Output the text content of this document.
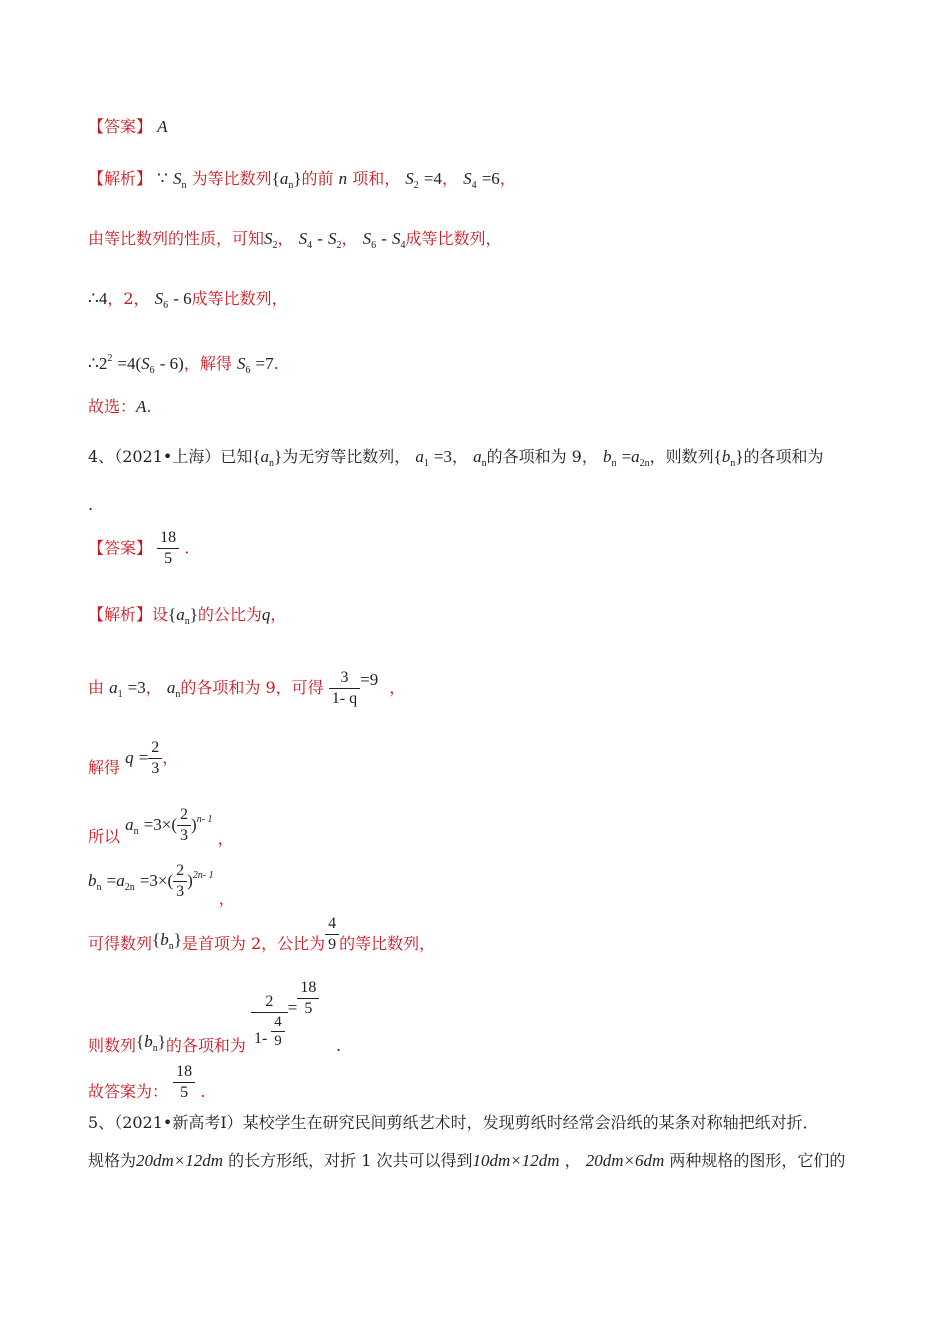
【答案】 A
【解析】 ∵ $S_n$ 为等比数列$\{a_n\}$的前 n 项和， $S_2 =4$， $S_4 =6$，
由等比数列的性质，可知$S_2$， $S_4 - S_2$， $S_6 - S_4$成等比数列，
∴4，2， $S_6 - 6$成等比数列，
$\therefore 2^2 =4(S_6 - 6)$，解得 $S_6 =7$.
故选：A.
4、（2021•上海）已知$\{a_n\}$为无穷等比数列， $a_1 =3$， $a_n$的各项和为 9， $b_n =a_{2n}$，则数列$\{b_n\}$的各项和为
.
【答案】 $\frac{18}{5}$ .
【解析】设$\{a_n\}$的公比为q，
由 $a_1 =3$， $a_n$的各项和为 9，可得 $\frac{3}{1- q} =9$ ，
解得 $q = \frac{2}{3}$ ，
所以 $a_n =3\times( \frac{2}{3} )^{n- 1}$ ，
$b_n =a_{2n} =3\times( \frac{2}{3} )^{2n- 1}$ ，
可得数列$\{b_n\}$是首项为 2，公比为 $\frac{4}{9}$ 的等比数列，
则数列$\{b_n\}$的各项和为 $\frac{2}{1- \frac{4}{9}} = \frac{18}{5}$
.
故答案为： $\frac{18}{5}$ .
5、（2021•新高考Ⅰ）某校学生在研究民间剪纸艺术时，发现剪纸时经常会沿纸的某条对称轴把纸对折．
规格为20dm×12dm 的长方形纸，对折 1 次共可以得到10dm×12dm ， 20dm×6dm 两种规格的图形，它们的
